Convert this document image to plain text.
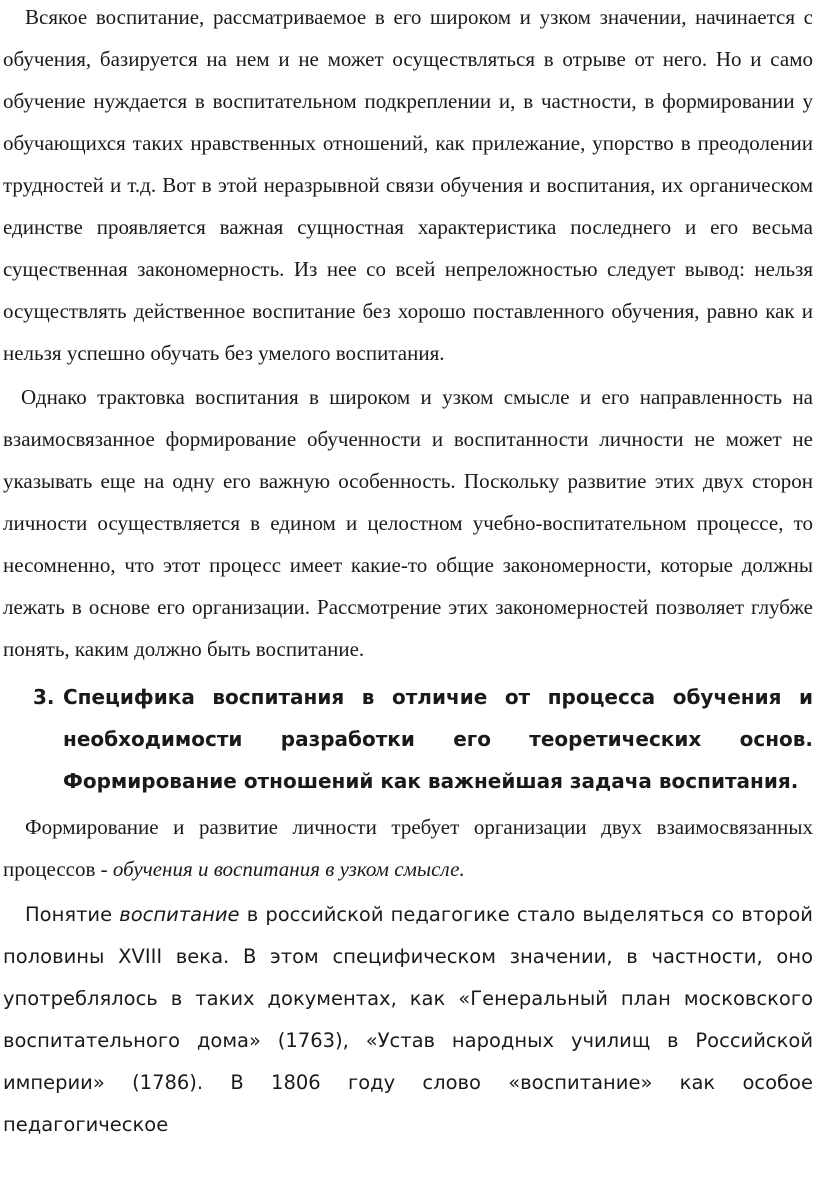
Всякое воспитание, рассматриваемое в его широком и узком значении, начинается с обучения, базируется на нем и не может осуществляться в отрыве от него. Но и само обучение нуждается в воспитательном подкреплении и, в частности, в формировании у обучающихся таких нравственных отношений, как прилежание, упорство в преодолении трудностей и т.д. Вот в этой неразрывной связи обучения и воспитания, их органическом единстве проявляется важная сущностная характеристика последнего и его весьма существенная закономерность. Из нее со всей непреложностью следует вывод: нельзя осуществлять действенное воспитание без хорошо поставленного обучения, равно как и нельзя успешно обучать без умелого воспитания.

Однако трактовка воспитания в широком и узком смысле и его направленность на взаимосвязанное формирование обученности и воспитанности личности не может не указывать еще на одну его важную особенность. Поскольку развитие этих двух сторон личности осуществляется в едином и целостном учебно-воспитательном процессе, то несомненно, что этот процесс имеет какие-то общие закономерности, которые должны лежать в основе его организации. Рассмотрение этих закономерностей позволяет глубже понять, каким должно быть воспитание.

3. Специфика воспитания в отличие от процесса обучения и необходимости разработки его теоретических основ. Формирование отношений как важнейшая задача воспитания.

Формирование и развитие личности требует организации двух взаимосвязанных процессов - обучения и воспитания в узком смысле.

Понятие воспитание в российской педагогике стало выделяться со второй половины XVIII века. В этом специфическом значении, в частности, оно употреблялось в таких документах, как «Генеральный план московского воспитательного дома» (1763), «Устав народных училищ в Российской империи» (1786). В 1806 году слово «воспитание» как особое педагогическое
